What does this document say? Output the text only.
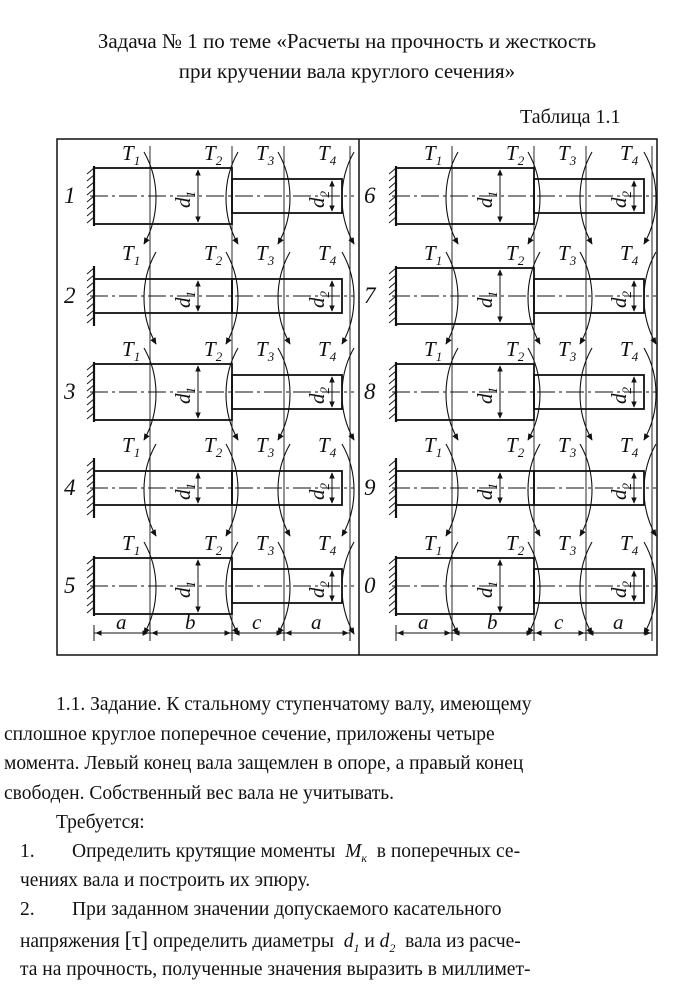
Задача № 1 по теме «Расчеты на прочность и жесткость
при кручении вала круглого сечения»
Таблица 1.1
1	$d_1$
$d_2$
$T_1$	$T_2$ $T_3$ $T_4$
2	$d_1$
$d_2$
$T_1$	$T_2$ $T_3$ $T_4$
3	$d_1$
$d_2$
$T_1$	$T_2$ $T_3$ $T_4$
4	$d_1$
$d_2$
$T_1$	$T_2$ $T_3$ $T_4$
5	$d_1$
$d_2$
$T_1$	$T_2$ $T_3$ $T_4$
a	b	c a
6	$d_1$
$d_2$
$T_1$	$T_2$ $T_3$ $T_4$
7	$d_1$
$d_2$
$T_1$	$T_2$ $T_3$ $T_4$
8	$d_1$
$d_2$
$T_1$	$T_2$ $T_3$ $T_4$
9	$d_1$
$d_2$
$T_1$	$T_2$ $T_3$ $T_4$
0	$d_1$
$d_2$
$T_1$	$T_2$ $T_3$ $T_4$
a	b	c a
1.1. Задание. К стальному ступенчатому валу, имеющему
сплошное круглое поперечное сечение, приложены четыре
момента. Левый конец вала защемлен в опоре, а правый конец
свободен. Собственный вес вала не учитывать.
Требуется:
1. Определить крутящие моменты $M_к$ в поперечных се-
чениях вала и построить их эпюру.
2. При заданном значении допускаемого касательного
напряжения [τ] определить диаметры $d_1$ и $d_2$ вала из расче-
та на прочность, полученные значения выразить в миллимет-
